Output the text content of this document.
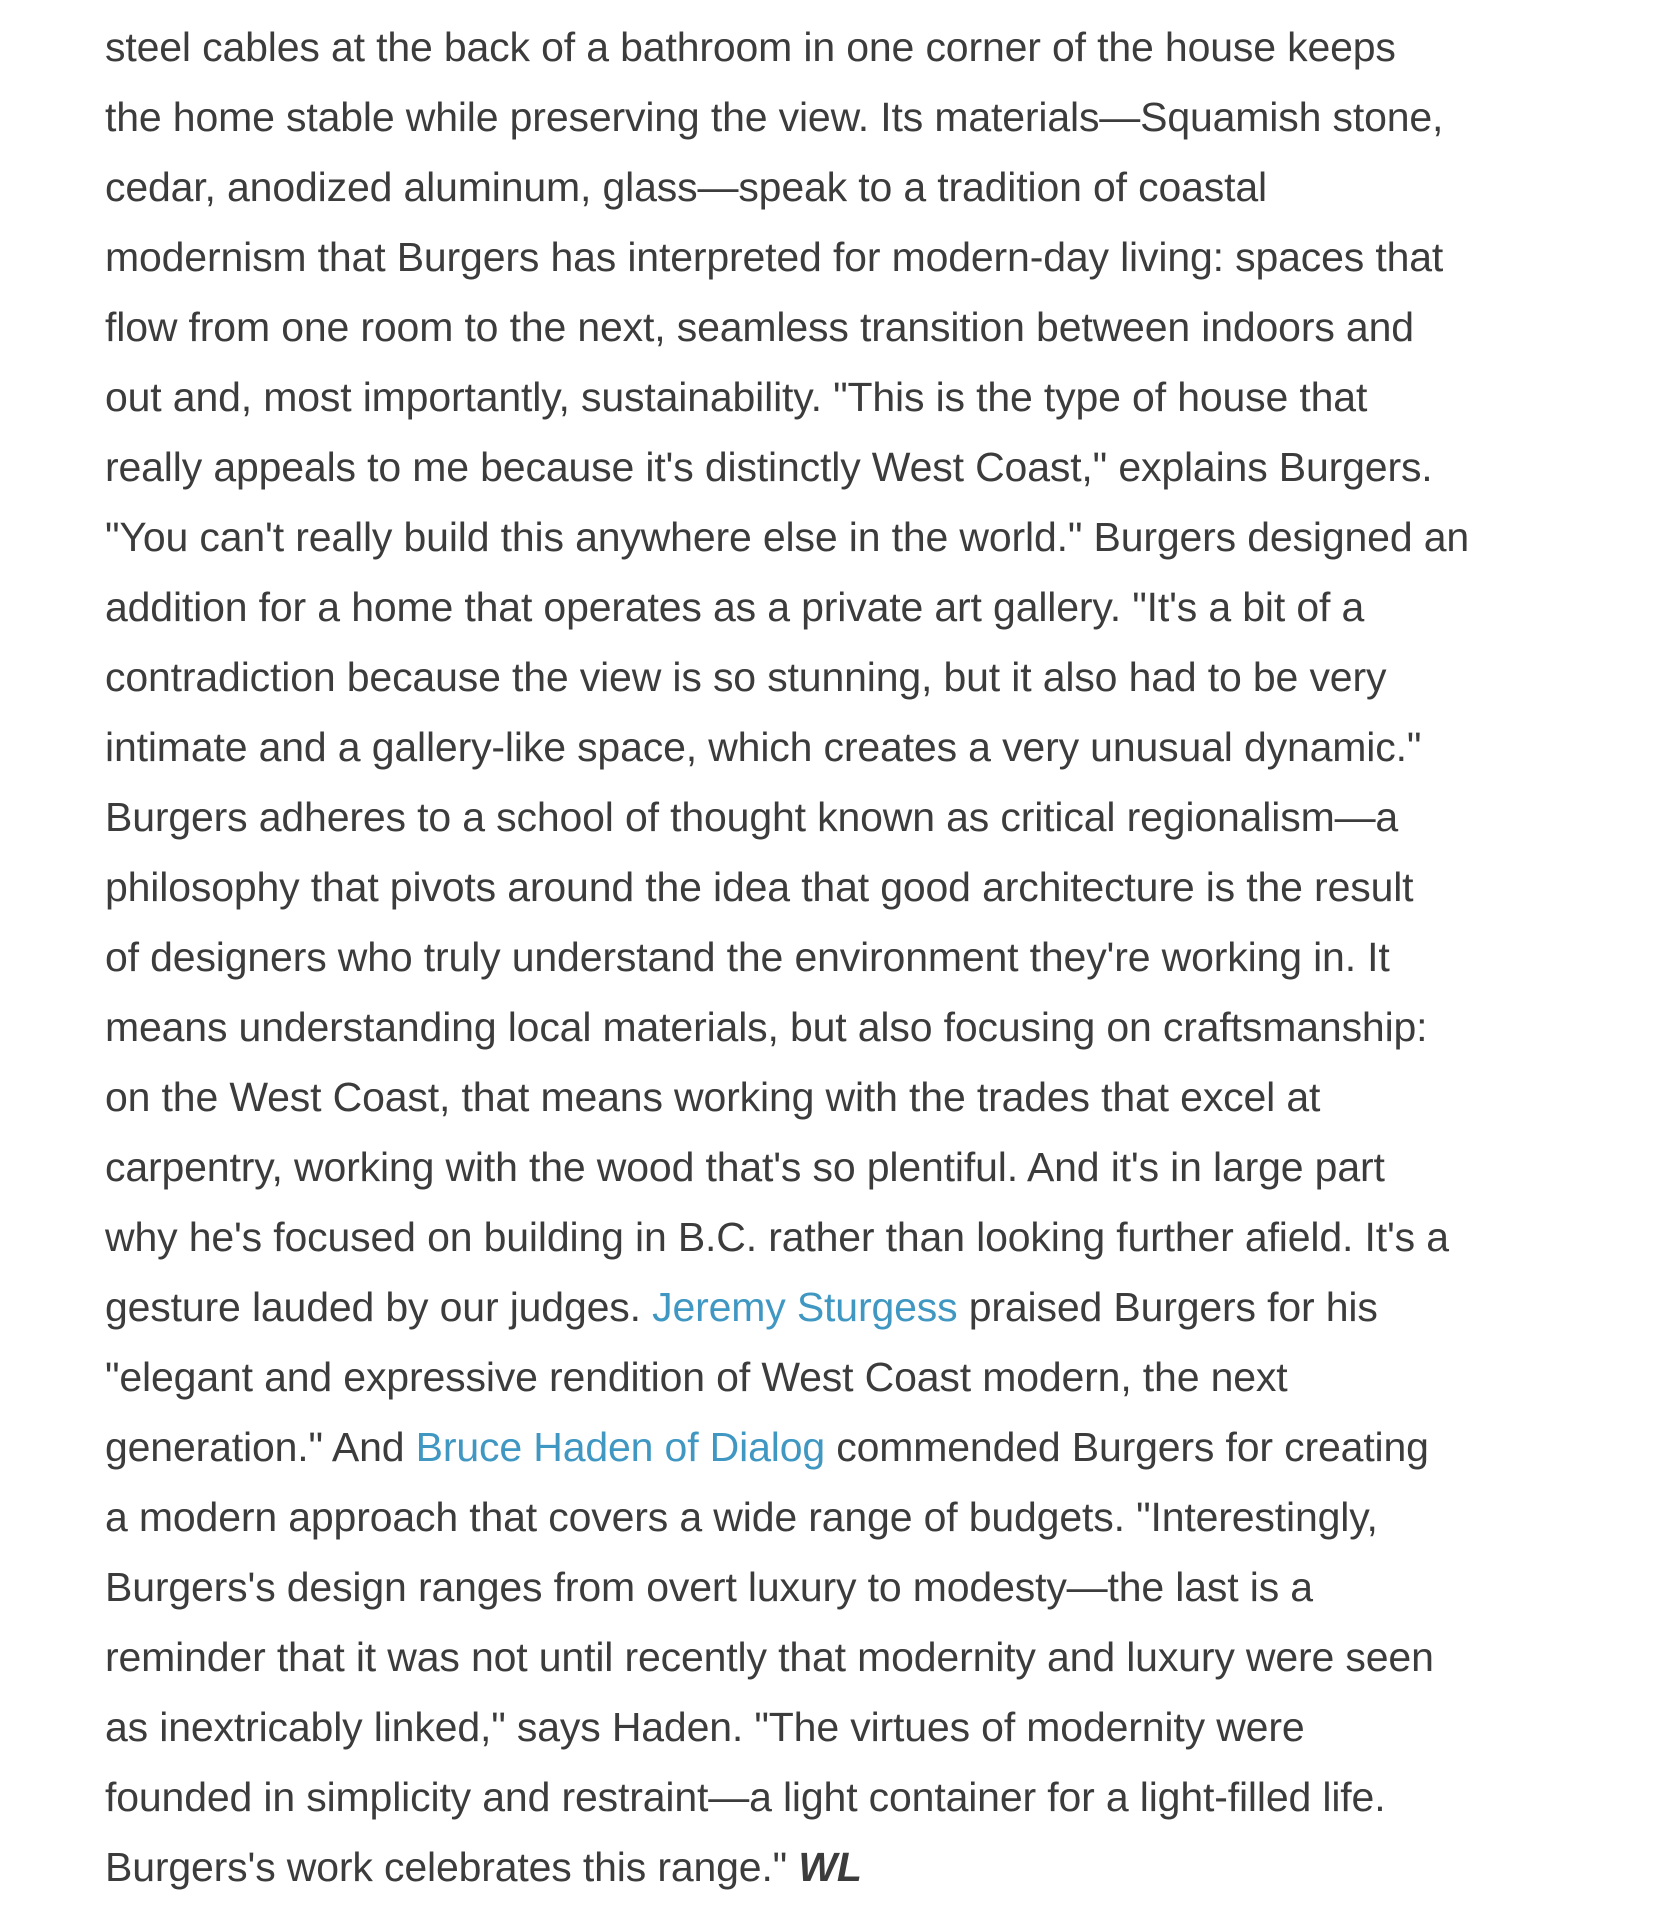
steel cables at the back of a bathroom in one corner of the house keeps
the home stable while preserving the view. Its materials—Squamish stone,
cedar, anodized aluminum, glass—speak to a tradition of coastal
modernism that Burgers has interpreted for modern-day living: spaces that
flow from one room to the next, seamless transition between indoors and
out and, most importantly, sustainability. "This is the type of house that
really appeals to me because it's distinctly West Coast," explains Burgers.
"You can't really build this anywhere else in the world." Burgers designed an
addition for a home that operates as a private art gallery. "It's a bit of a
contradiction because the view is so stunning, but it also had to be very
intimate and a gallery-like space, which creates a very unusual dynamic."
Burgers adheres to a school of thought known as critical regionalism—a
philosophy that pivots around the idea that good architecture is the result
of designers who truly understand the environment they're working in. It
means understanding local materials, but also focusing on craftsmanship:
on the West Coast, that means working with the trades that excel at
carpentry, working with the wood that's so plentiful. And it's in large part
why he's focused on building in B.C. rather than looking further afield. It's a
gesture lauded by our judges. Jeremy Sturgess praised Burgers for his
"elegant and expressive rendition of West Coast modern, the next
generation." And Bruce Haden of Dialog commended Burgers for creating
a modern approach that covers a wide range of budgets. "Interestingly,
Burgers's design ranges from overt luxury to modesty—the last is a
reminder that it was not until recently that modernity and luxury were seen
as inextricably linked," says Haden. "The virtues of modernity were
founded in simplicity and restraint—a light container for a light-filled life.
Burgers's work celebrates this range." WL
